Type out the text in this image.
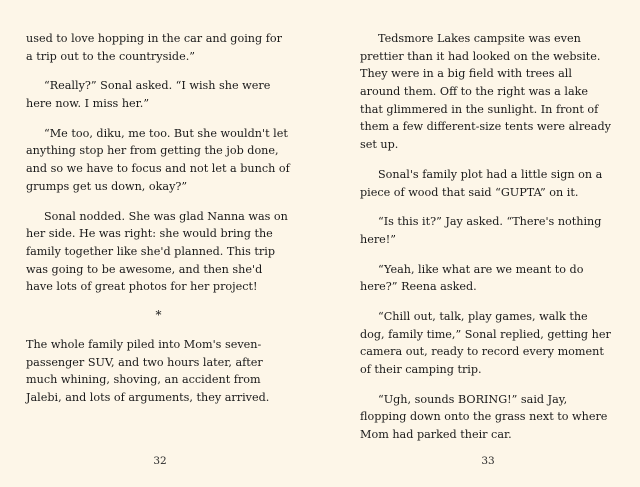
used to love hopping in the car and going for a trip out to the countryside.”

“Really?” Sonal asked. “I wish she were here now. I miss her.”

“Me too, diku, me too. But she wouldn't let anything stop her from getting the job done, and so we have to focus and not let a bunch of grumps get us down, okay?”

Sonal nodded. She was glad Nanna was on her side. He was right: she would bring the family together like she'd planned. This trip was going to be awesome, and then she'd have lots of great photos for her project!

*

The whole family piled into Mom's seven-passenger SUV, and two hours later, after much whining, shoving, an accident from Jalebi, and lots of arguments, they arrived.

32

Tedsmore Lakes campsite was even prettier than it had looked on the website. They were in a big field with trees all around them. Off to the right was a lake that glimmered in the sunlight. In front of them a few different-size tents were already set up.

Sonal's family plot had a little sign on a piece of wood that said “GUPTA” on it.

“Is this it?” Jay asked. “There's nothing here!”

“Yeah, like what are we meant to do here?” Reena asked.

“Chill out, talk, play games, walk the dog, family time,” Sonal replied, getting her camera out, ready to record every moment of their camping trip.

“Ugh, sounds BORING!” said Jay, flopping down onto the grass next to where Mom had parked their car.

33
